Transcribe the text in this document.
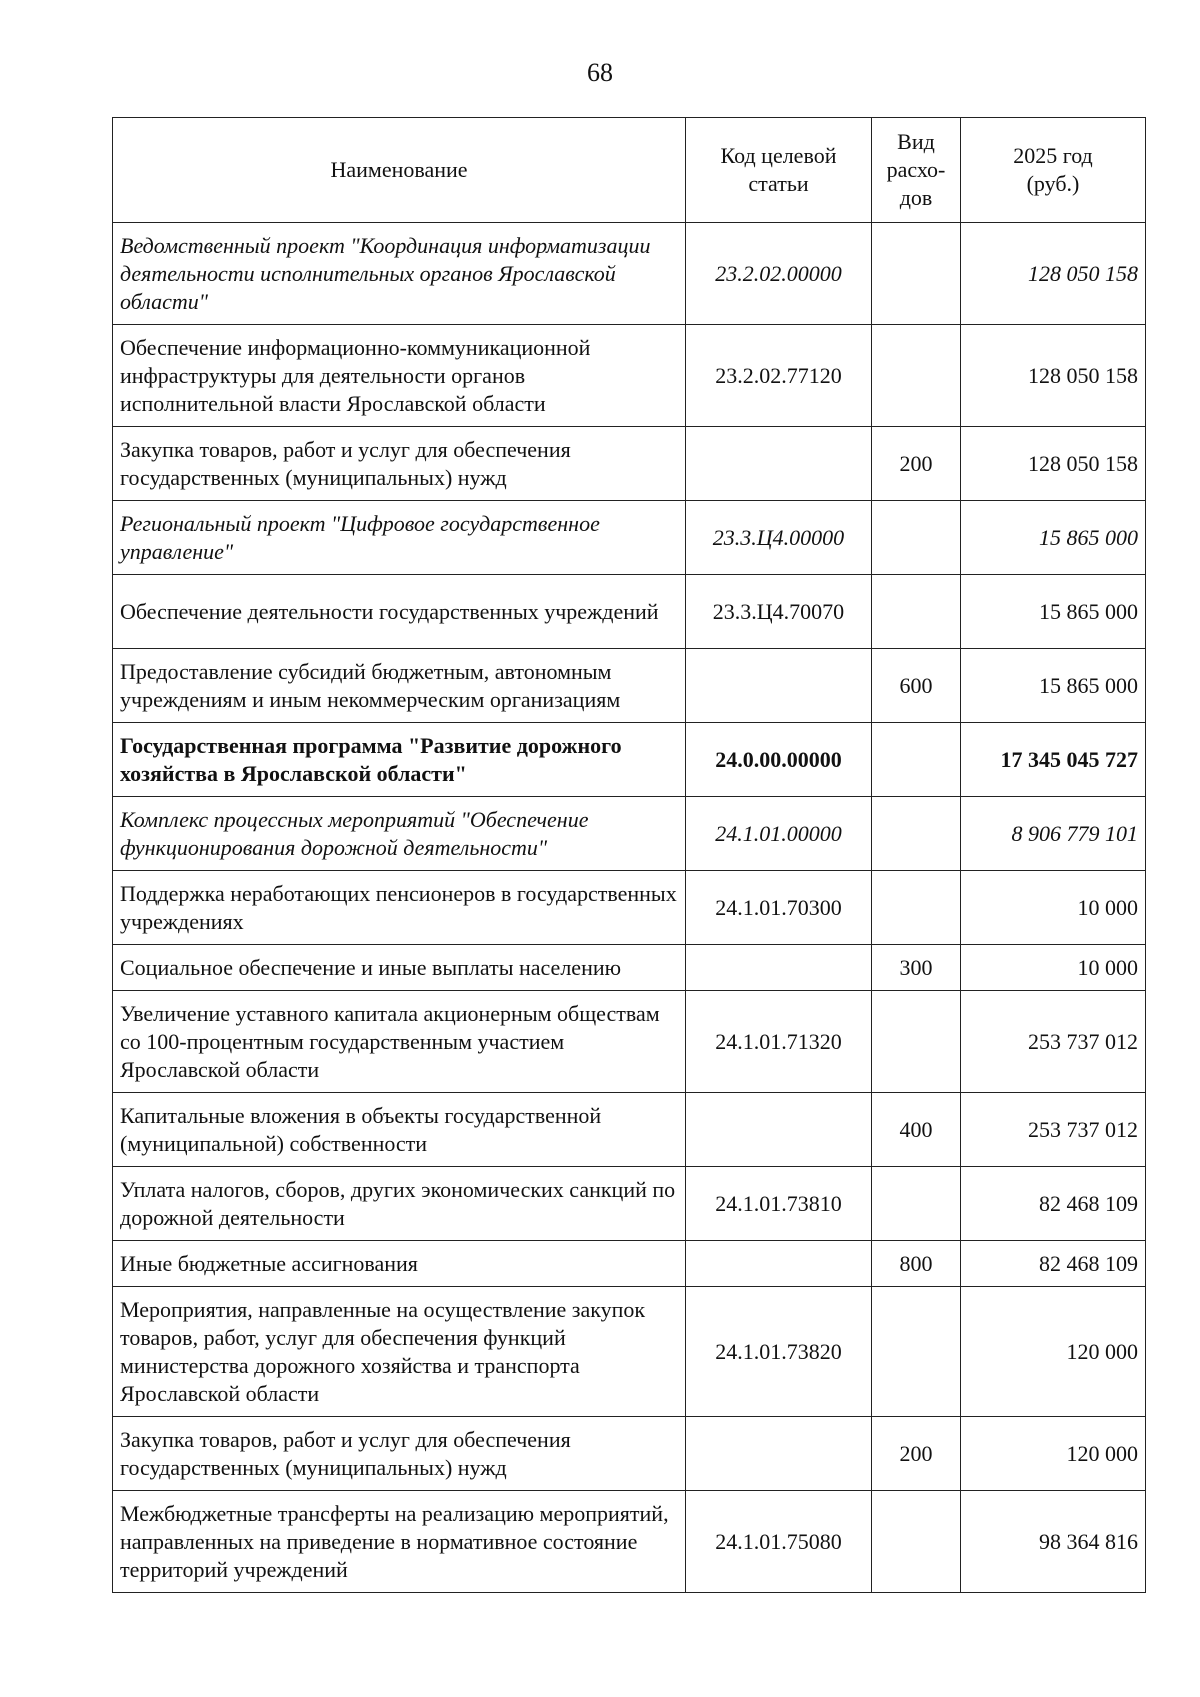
68
Наименование	Код целевой статьи	Вид расхо-дов	2025 год (руб.)
Ведомственный проект "Координация информатизации деятельности исполнительных органов Ярославской области"	23.2.02.00000		128 050 158
Обеспечение информационно-коммуникационной инфраструктуры для деятельности органов исполнительной власти Ярославской области	23.2.02.77120		128 050 158
Закупка товаров, работ и услуг для обеспечения государственных (муниципальных) нужд		200	128 050 158
Региональный проект "Цифровое государственное управление"	23.3.Ц4.00000		15 865 000
Обеспечение деятельности государственных учреждений	23.3.Ц4.70070		15 865 000
Предоставление субсидий бюджетным, автономным учреждениям и иным некоммерческим организациям		600	15 865 000
Государственная программа "Развитие дорожного хозяйства в Ярославской области"	24.0.00.00000		17 345 045 727
Комплекс процессных мероприятий "Обеспечение функционирования дорожной деятельности"	24.1.01.00000		8 906 779 101
Поддержка неработающих пенсионеров в государственных учреждениях	24.1.01.70300		10 000
Социальное обеспечение и иные выплаты населению		300	10 000
Увеличение уставного капитала акционерным обществам со 100-процентным государственным участием Ярославской области	24.1.01.71320		253 737 012
Капитальные вложения в объекты государственной (муниципальной) собственности		400	253 737 012
Уплата налогов, сборов, других экономических санкций по дорожной деятельности	24.1.01.73810		82 468 109
Иные бюджетные ассигнования		800	82 468 109
Мероприятия, направленные на осуществление закупок товаров, работ, услуг для обеспечения функций министерства дорожного хозяйства и транспорта Ярославской области	24.1.01.73820		120 000
Закупка товаров, работ и услуг для обеспечения государственных (муниципальных) нужд		200	120 000
Межбюджетные трансферты на реализацию мероприятий, направленных на приведение в нормативное состояние территорий учреждений	24.1.01.75080		98 364 816
